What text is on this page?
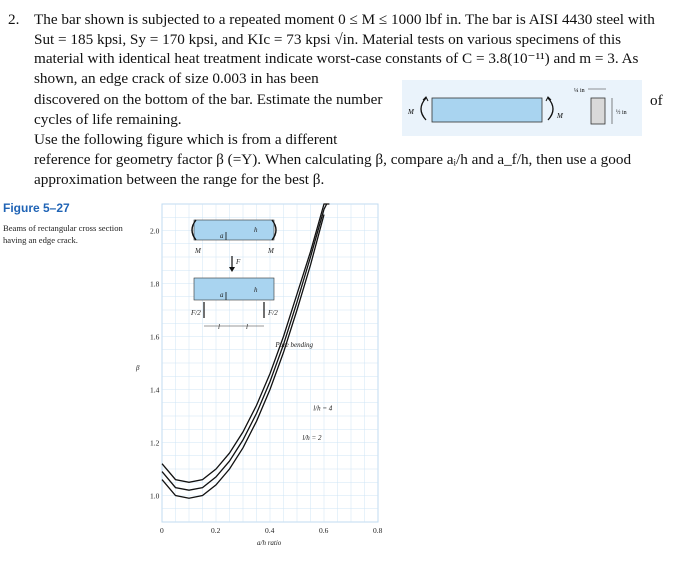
2. The bar shown is subjected to a repeated moment 0 ≤ M ≤ 1000 lbf in. The bar is AISI 4430 steel with
Sut = 185 kpsi, Sy = 170 kpsi, and KIc = 73 kpsi √in. Material tests on various specimens of this
material with identical heat treatment indicate worst-case constants of C = 3.8(10⁻¹¹) and m = 3. As
shown, an edge crack of size 0.003 in has been
discovered on the bottom of the bar. Estimate the number
cycles of life remaining.
Use the following figure which is from a different
reference for geometry factor β (=Y). When calculating β, compare aᵢ/h and a_f/h, then use a good
approximation between the range for the best β.
M	M
¼ in
½ in
of
Figure 5–27
Beams of rectangular cross section having an edge crack.
1.0
1.2
1.4
1.6
1.8
2.0
0	0.2	0.4	0.6	0.8
Pure bending
l/h = 4
l/h = 2
M	M
a
h
F
a
h
F/2	F/2
l	l
β
a/h ratio
